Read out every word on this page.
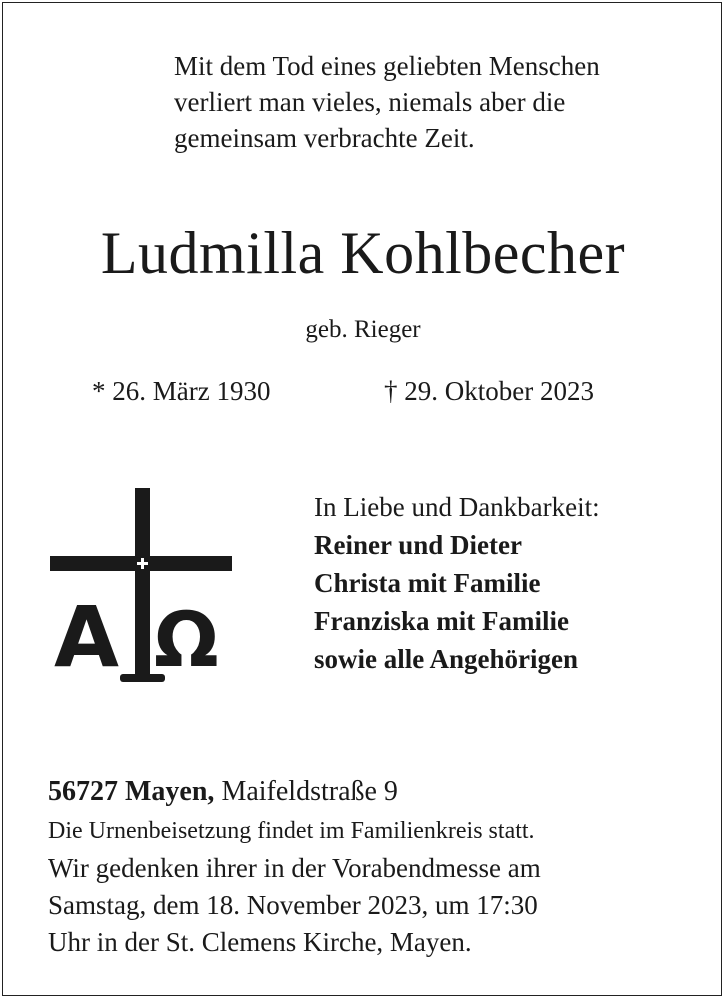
Mit dem Tod eines geliebten Menschen
verliert man vieles, niemals aber die
gemeinsam verbrachte Zeit.
Ludmilla Kohlbecher
geb. Rieger
* 26. März 1930	† 29. Oktober 2023
A Ω
In Liebe und Dankbarkeit:
Reiner und Dieter
Christa mit Familie
Franziska mit Familie
sowie alle Angehörigen
56727 Mayen, Maifeldstraße 9
Die Urnenbeisetzung findet im Familienkreis statt.
Wir gedenken ihrer in der Vorabendmesse am
Samstag, dem 18. November 2023, um 17:30
Uhr in der St. Clemens Kirche, Mayen.
